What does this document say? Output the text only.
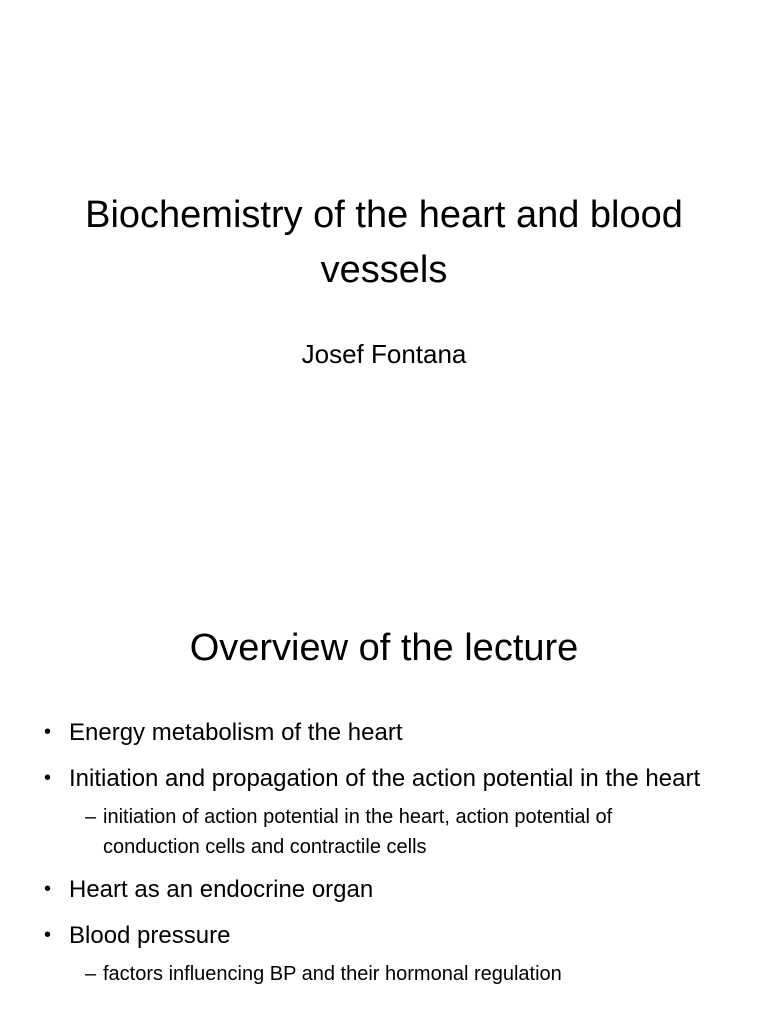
Biochemistry of the heart and blood vessels

Josef Fontana

Overview of the lecture
• Energy metabolism of the heart
• Initiation and propagation of the action potential in the heart
– initiation of action potential in the heart, action potential of conduction cells and contractile cells
• Heart as an endocrine organ
• Blood pressure
– factors influencing BP and their hormonal regulation
